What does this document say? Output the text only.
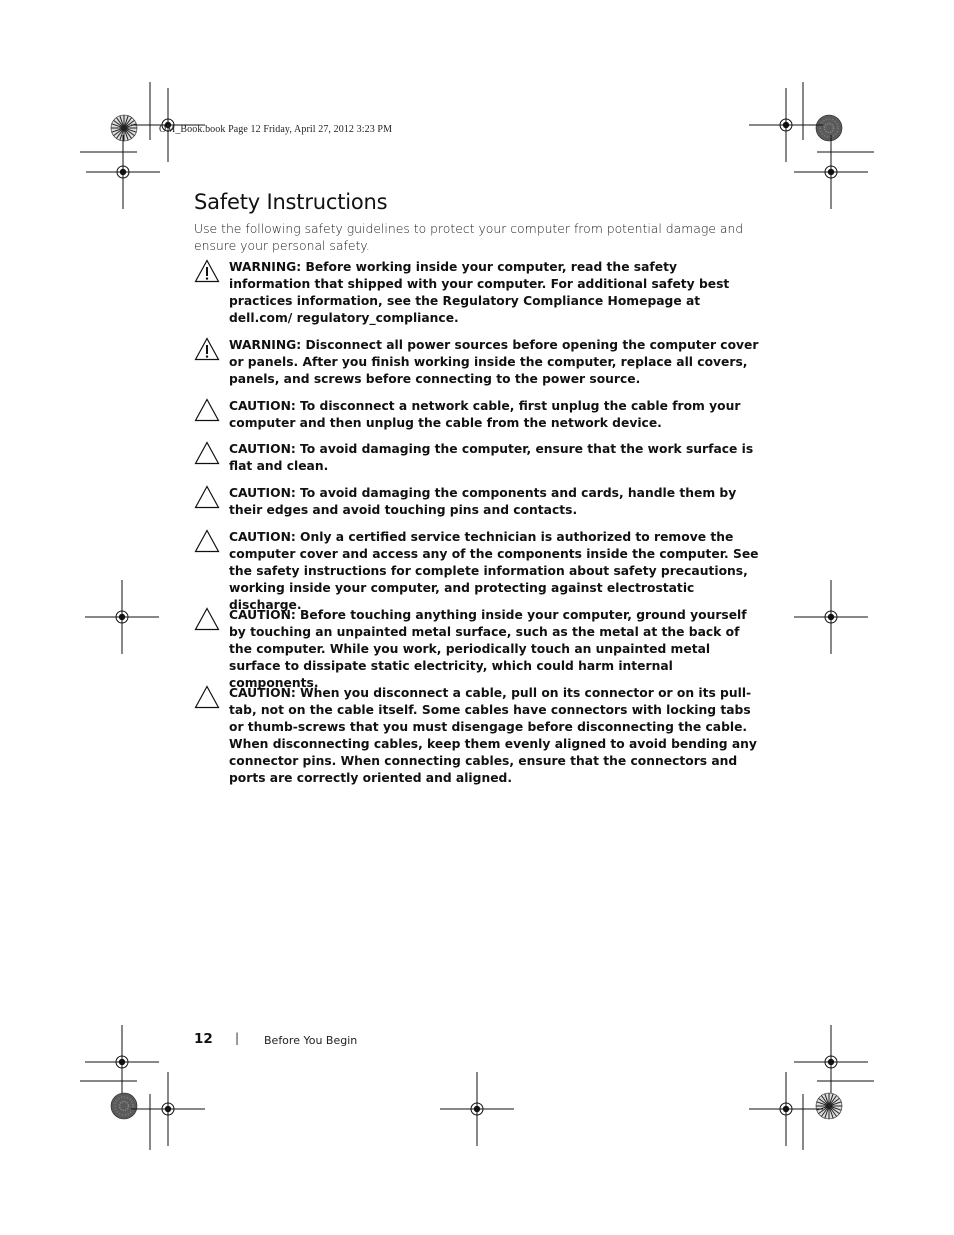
OM_Book.book Page 12 Friday, April 27, 2012 3:23 PM
Safety Instructions

Use the following safety guidelines to protect your computer from potential damage and ensure your personal safety.

WARNING: Before working inside your computer, read the safety information that shipped with your computer. For additional safety best practices information, see the Regulatory Compliance Homepage at dell.com/ regulatory_compliance.

WARNING: Disconnect all power sources before opening the computer cover or panels. After you finish working inside the computer, replace all covers, panels, and screws before connecting to the power source.

CAUTION: To disconnect a network cable, first unplug the cable from your computer and then unplug the cable from the network device.

CAUTION: To avoid damaging the computer, ensure that the work surface is flat and clean.

CAUTION: To avoid damaging the components and cards, handle them by their edges and avoid touching pins and contacts.

CAUTION: Only a certified service technician is authorized to remove the computer cover and access any of the components inside the computer. See the safety instructions for complete information about safety precautions, working inside your computer, and protecting against electrostatic discharge.

CAUTION: Before touching anything inside your computer, ground yourself by touching an unpainted metal surface, such as the metal at the back of the computer. While you work, periodically touch an unpainted metal surface to dissipate static electricity, which could harm internal components.

CAUTION: When you disconnect a cable, pull on its connector or on its pull-tab, not on the cable itself. Some cables have connectors with locking tabs or thumb-screws that you must disengage before disconnecting the cable. When disconnecting cables, keep them evenly aligned to avoid bending any connector pins. When connecting cables, ensure that the connectors and ports are correctly oriented and aligned.

12 | Before You Begin
